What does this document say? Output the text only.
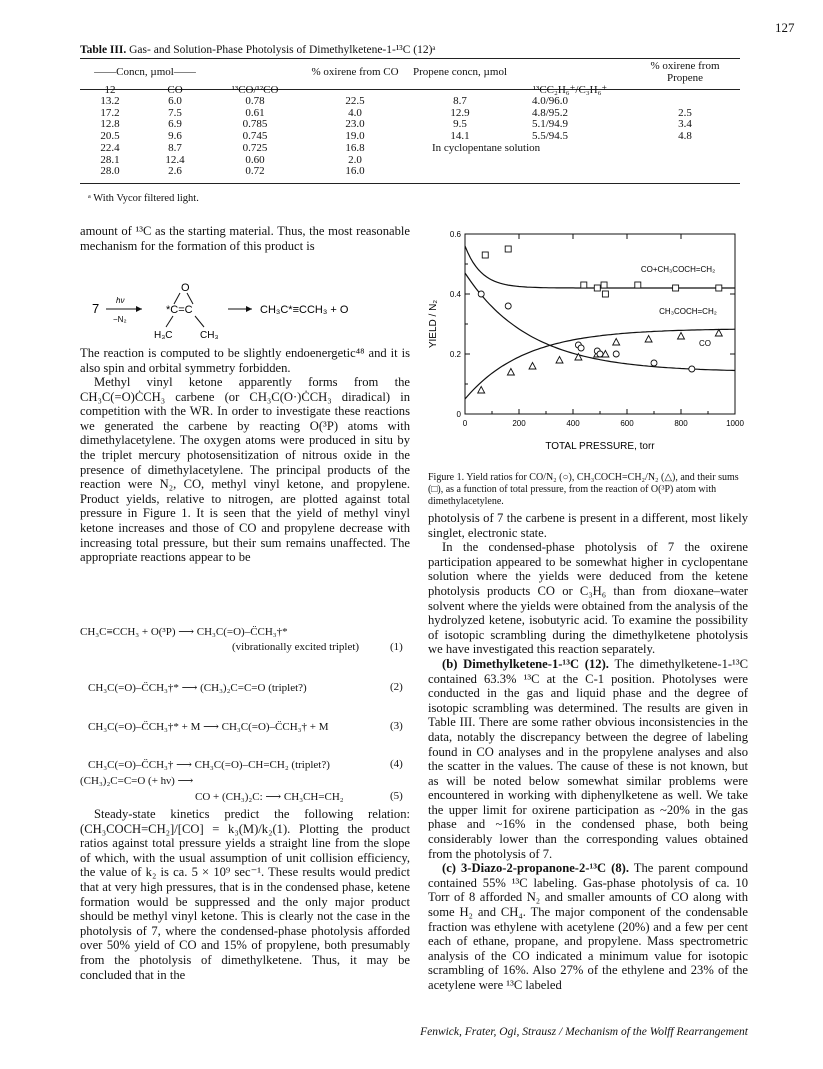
127
Table III. Gas- and Solution-Phase Photolysis of Dimethylketene-1-¹³C (12)ᵃ
——Concn, µmol——			% oxirene from CO	Propene concn, µmol		% oxirene from Propene
12	CO	¹³CO/¹²CO			¹³CC₂H₆⁺/C₃H₆⁺	
13.2	6.0	0.78	22.5	8.7	4.0/96.0	
17.2	7.5	0.61	4.0	12.9	4.8/95.2	2.5
12.8	6.9	0.785	23.0	9.5	5.1/94.9	3.4
20.5	9.6	0.745	19.0	14.1	5.5/94.5	4.8
22.4	8.7	0.725	16.8	In cyclopentane solution		
28.1	12.4	0.60	2.0			
28.0	2.6	0.72	16.0			
ᵃ With Vycor filtered light.
amount of ¹³C as the starting material. Thus, the most reasonable mechanism for the formation of this product is
7
hν
−N₂
O
*C=C
H₃C	CH₃
CH₃C*≡CCH₃ + O
The reaction is computed to be slightly endoenergetic⁴⁸ and it is also spin and orbital symmetry forbidden.
Methyl vinyl ketone apparently forms from the CH₃C(=O)ĊCH₃ carbene (or CH₃C(O·)ĊCH₃ diradical) in competition with the WR. In order to investigate these reactions we generated the carbene by reacting O(³P) atoms with dimethylacetylene. The oxygen atoms were produced in situ by the triplet mercury photosensitization of nitrous oxide in the presence of dimethylacetylene. The principal products of the reaction were N₂, CO, methyl vinyl ketone, and propylene. Product yields, relative to nitrogen, are plotted against total pressure in Figure 1. It is seen that the yield of methyl vinyl ketone increases and those of CO and propylene decrease with increasing total pressure, but their sum remains unaffected. The appropriate reactions appear to be
CH₃C≡CCH₃ + O(³P) ⟶ CH₃C(=O)–C̈CH₃†*
(vibrationally excited triplet)	(1)
CH₃C(=O)–C̈CH₃†* ⟶ (CH₃)₂C=C=O (triplet?)	(2)
CH₃C(=O)–C̈CH₃†* + M ⟶ CH₃C(=O)–C̈CH₃† + M	(3)
CH₃C(=O)–C̈CH₃† ⟶ CH₃C(=O)–CH=CH₂ (triplet?)	(4)
(CH₃)₂C=C=O (+ hν) ⟶
CO + (CH₃)₂C: ⟶ CH₃CH=CH₂	(5)
Steady-state kinetics predict the following relation: (CH₃COCH=CH₂]/[CO] = k₃(M)/k₂(1). Plotting the product ratios against total pressure yields a straight line from the slope of which, with the usual assumption of unit collision efficiency, the value of k₂ is ca. 5 × 10⁹ sec⁻¹. These results would predict that at very high pressures, that is in the condensed phase, ketene formation would be suppressed and the only major product should be methyl vinyl ketone. This is clearly not the case in the photolysis of 7, where the condensed-phase photolysis afforded over 50% yield of CO and 15% of propylene, both presumably from the photolysis of dimethylketene. Thus, it may be concluded that in the
0	200	400	600	800	1000
0
0.2
0.4
0.6
TOTAL PRESSURE, torr
YIELD / N₂
CO+CH₃COCH=CH₂
CH₃COCH=CH₂
CO
Figure 1. Yield ratios for CO/N₂ (○), CH₃COCH=CH₂/N₂ (△), and their sums (□), as a function of total pressure, from the reaction of O(³P) atom with dimethylacetylene.

photolysis of 7 the carbene is present in a different, most likely singlet, electronic state.

In the condensed-phase photolysis of 7 the oxirene participation appeared to be somewhat higher in cyclopentane solution where the yields were deduced from the ketene photolysis products CO or C₃H₆ than from dioxane–water solvent where the yields were obtained from the analysis of the hydrolyzed ketene, isobutyric acid. To examine the possibility of isotopic scrambling during the dimethylketene photolysis we have investigated this reaction separately.

(b) Dimethylketene-1-¹³C (12). The dimethylketene-1-¹³C contained 63.3% ¹³C at the C-1 position. Photolyses were conducted in the gas and liquid phase and the degree of isotopic scrambling was determined. The results are given in Table III. There are some rather obvious inconsistencies in the data, notably the discrepancy between the degree of labeling found in CO analyses and in the propylene analyses and also the scatter in the values. The cause of these is not known, but as will be noted below somewhat similar problems were encountered in working with diphenylketene as well. We take the upper limit for oxirene participation as ~20% in the gas phase and ~16% in the condensed phase, both being considerably lower than the corresponding values obtained from the photolysis of 7.

(c) 3-Diazo-2-propanone-2-¹³C (8). The parent compound contained 55% ¹³C labeling. Gas-phase photolysis of ca. 10 Torr of 8 afforded N₂ and smaller amounts of CO along with some H₂ and CH₄. The major component of the condensable fraction was ethylene with acetylene (20%) and a few per cent each of ethane, propane, and propylene. Mass spectrometric analysis of the CO indicated a minimum value for isotopic scrambling of 16%. Also 27% of the ethylene and 23% of the acetylene were ¹³C labeled

Fenwick, Frater, Ogi, Strausz / Mechanism of the Wolff Rearrangement
